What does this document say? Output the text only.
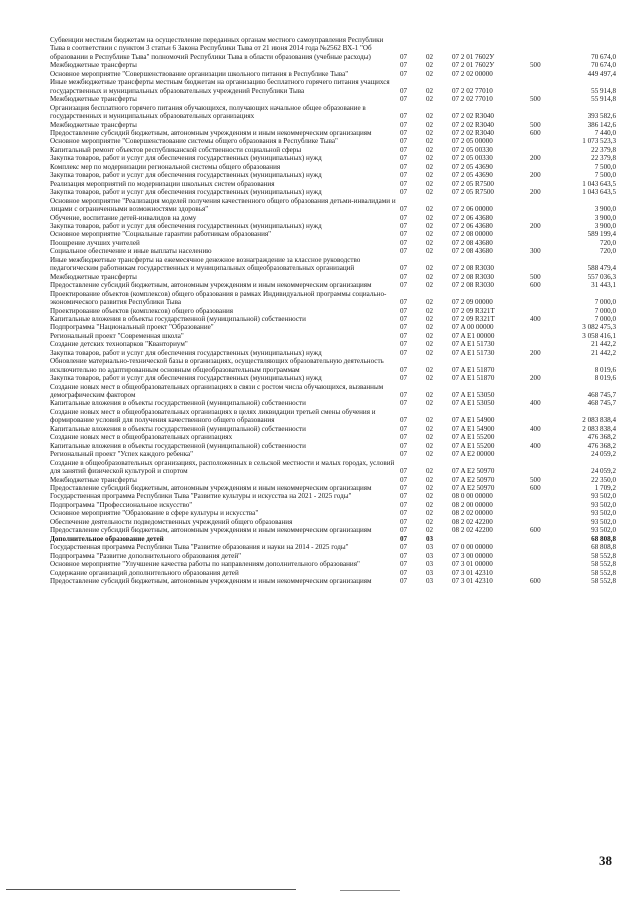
Субвенции местным бюджетам на осуществление переданных органам местного самоуправления Республики Тыва в соответствии с пунктом 3 статьи 6 Закона Республики Тыва от 21 июня 2014 года №2562 ВХ-1 "Об образовании в Республике Тыва" полномочий Республики Тыва в области образования (учебные расходы)	07	02	07 2 01 7602У	70 674,0
Межбюджетные трансферты	07	02	07 2 01 7602У	500	70 674,0
Основное мероприятие "Совершенствование организации школьного питания в Республике Тыва"	07	02	07 2 02 00000	449 497,4
Иные межбюджетные трансферты местным бюджетам на организацию бесплатного горячего питания учащихся государственных и муниципальных образовательных учреждений Республики Тыва	07	02	07 2 02 77010	55 914,8
Межбюджетные трансферты	07	02	07 2 02 77010	500	55 914,8
Организация бесплатного горячего питания обучающихся, получающих начальное общее образование в государственных и муниципальных образовательных организациях	07	02	07 2 02 R3040	393 582,6
Межбюджетные трансферты	07	02	07 2 02 R3040	500	386 142,6
Предоставление субсидий бюджетным, автономным учреждениям и иным некоммерческим организациям	07	02	07 2 02 R3040	600	7 440,0
Основное мероприятие "Совершенствование системы общего образования в Республике Тыва"	07	02	07 2 05 00000	1 073 523,3
Капитальный ремонт объектов республиканской собственности социальной сферы	07	02	07 2 05 00330	22 379,8
Закупка товаров, работ и услуг для обеспечения государственных (муниципальных) нужд	07	02	07 2 05 00330	200	22 379,8
Комплекс мер по модернизации региональной системы общего образования	07	02	07 2 05 43690	7 500,0
Закупка товаров, работ и услуг для обеспечения государственных (муниципальных) нужд	07	02	07 2 05 43690	200	7 500,0
Реализация мероприятий по модернизации школьных систем образования	07	02	07 2 05 R7500	1 043 643,5
Закупка товаров, работ и услуг для обеспечения государственных (муниципальных) нужд	07	02	07 2 05 R7500	200	1 043 643,5
Основное мероприятие "Реализация моделей получения качественного общего образования детьми-инвалидами и лицами с ограниченными возможностями здоровья"	07	02	07 2 06 00000	3 900,0
Обучение, воспитание детей-инвалидов на дому	07	02	07 2 06 43680	3 900,0
Закупка товаров, работ и услуг для обеспечения государственных (муниципальных) нужд	07	02	07 2 06 43680	200	3 900,0
Основное мероприятие "Социальные гарантии работникам образования"	07	02	07 2 08 00000	589 199,4
Поощрение лучших учителей	07	02	07 2 08 43680	720,0
Социальное обеспечение и иные выплаты населению	07	02	07 2 08 43680	300	720,0
Иные межбюджетные трансферты на ежемесячное денежное вознаграждение за классное руководство педагогическим работникам государственных и муниципальных общеобразовательных организаций	07	02	07 2 08 R3030	588 479,4
Межбюджетные трансферты	07	02	07 2 08 R3030	500	557 036,3
Предоставление субсидий бюджетным, автономным учреждениям и иным некоммерческим организациям	07	02	07 2 08 R3030	600	31 443,1
Проектирование объектов (комплексов) общего образования в рамках Индивидуальной программы социально-экономического развития Республики Тыва	07	02	07 2 09 00000	7 000,0
Проектирование объектов (комплексов) общего образования	07	02	07 2 09 R321T	7 000,0
Капитальные вложения в объекты государственной (муниципальной) собственности	07	02	07 2 09 R321T	400	7 000,0
Подпрограмма "Национальный проект "Образование"	07	02	07 A 00 00000	3 082 475,3
Региональный проект "Современная школа"	07	02	07 A E1 00000	3 058 416,1
Создание детских технопарков "Кванториум"	07	02	07 A E1 51730	21 442,2
Закупка товаров, работ и услуг для обеспечения государственных (муниципальных) нужд	07	02	07 A E1 51730	200	21 442,2
Обновление материально-технической базы в организациях, осуществляющих образовательную деятельность исключительно по адаптированным основным общеобразовательным программам	07	02	07 A E1 51870	8 019,6
Закупка товаров, работ и услуг для обеспечения государственных (муниципальных) нужд	07	02	07 A E1 51870	200	8 019,6
Создание новых мест в общеобразовательных организациях в связи с ростом числа обучающихся, вызванным демографическим фактором	07	02	07 A E1 53050	468 745,7
Капитальные вложения в объекты государственной (муниципальной) собственности	07	02	07 A E1 53050	400	468 745,7
Создание новых мест в общеобразовательных организациях в целях ликвидации третьей смены обучения и формирование условий для получения качественного общего образования	07	02	07 A E1 54900	2 083 838,4
Капитальные вложения в объекты государственной (муниципальной) собственности	07	02	07 A E1 54900	400	2 083 838,4
Создание новых мест в общеобразовательных организациях	07	02	07 A E1 55200	476 368,2
Капитальные вложения в объекты государственной (муниципальной) собственности	07	02	07 A E1 55200	400	476 368,2
Региональный проект "Успех каждого ребенка"	07	02	07 A E2 00000	24 059,2
Создание в общеобразовательных организациях, расположенных в сельской местности и малых городах, условий для занятий физической культурой и спортом	07	02	07 A E2 50970	24 059,2
Межбюджетные трансферты	07	02	07 A E2 50970	500	22 350,0
Предоставление субсидий бюджетным, автономным учреждениям и иным некоммерческим организациям	07	02	07 A E2 50970	600	1 709,2
Государственная программа Республики Тыва "Развитие культуры и искусства на 2021 - 2025 годы"	07	02	08 0 00 00000	93 502,0
Подпрограмма "Профессиональное искусство"	07	02	08 2 00 00000	93 502,0
Основное мероприятие "Образование в сфере культуры и искусства"	07	02	08 2 02 00000	93 502,0
Обеспечение деятельности подведомственных учреждений общего образования	07	02	08 2 02 42200	93 502,0
Предоставление субсидий бюджетным, автономным учреждениям и иным некоммерческим организациям	07	02	08 2 02 42200	600	93 502,0
Дополнительное образование детей	07	03	68 808,8
Государственная программа Республики Тыва "Развитие образования и науки на 2014 - 2025 годы"	07	03	07 0 00 00000	68 808,8
Подпрограмма "Развитие дополнительного образования детей"	07	03	07 3 00 00000	58 552,8
Основное мероприятие "Улучшение качества работы по направлениям дополнительного образования"	07	03	07 3 01 00000	58 552,8
Содержание организаций дополнительного образования детей	07	03	07 3 01 42310	58 552,8
Предоставление субсидий бюджетным, автономным учреждениям и иным некоммерческим организациям	07	03	07 3 01 42310	600	58 552,8
38
